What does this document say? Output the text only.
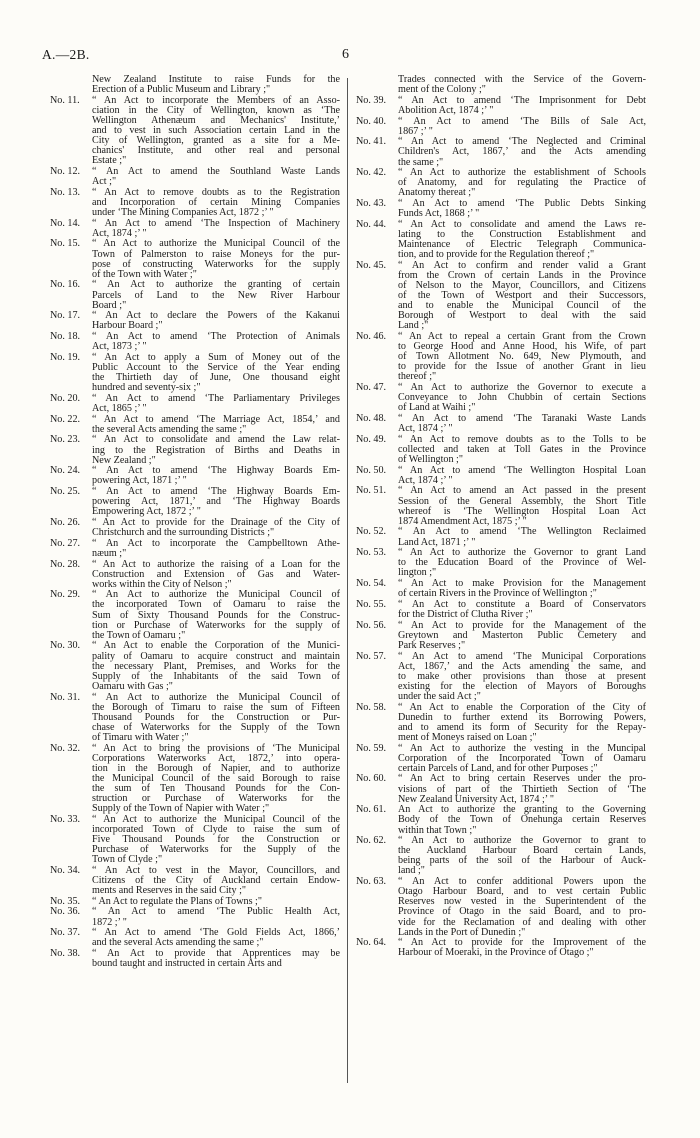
A.—2B.	6
New Zealand Institute to raise Funds for the
Erection of a Public Museum and Library ;"
No. 11.	“ An Act to incorporate the Members of an Asso-
ciation in the City of Wellington, known as ‘The
Wellington Athenæum and Mechanics' Institute,’
and to vest in such Association certain Land in the
City of Wellington, granted as a site for a Me-
chanics' Institute, and other real and personal
Estate ;"
No. 12.	“ An Act to amend the Southland Waste Lands
Act ;"
No. 13.	“ An Act to remove doubts as to the Registration
and Incorporation of certain Mining Companies
under ‘The Mining Companies Act, 1872 ;’ "
No. 14.	“ An Act to amend ‘The Inspection of Machinery
Act, 1874 ;’ "
No. 15.	“ An Act to authorize the Municipal Council of the
Town of Palmerston to raise Moneys for the pur-
pose of constructing Waterworks for the supply
of the Town with Water ;"
No. 16.	“ An Act to authorize the granting of certain
Parcels of Land to the New River Harbour
Board ;"
No. 17.	“ An Act to declare the Powers of the Kakanui
Harbour Board ;"
No. 18.	“ An Act to amend ‘The Protection of Animals
Act, 1873 ;’ "
No. 19.	“ An Act to apply a Sum of Money out of the
Public Account to the Service of the Year ending
the Thirtieth day of June, One thousand eight
hundred and seventy-six ;"
No. 20.	“ An Act to amend ‘The Parliamentary Privileges
Act, 1865 ;’ "
No. 22.	“ An Act to amend ‘The Marriage Act, 1854,’ and
the several Acts amending the same ;"
No. 23.	“ An Act to consolidate and amend the Law relat-
ing to the Registration of Births and Deaths in
New Zealand ;"
No. 24.	“ An Act to amend ‘The Highway Boards Em-
powering Act, 1871 ;’ "
No. 25.	“ An Act to amend ‘The Highway Boards Em-
powering Act, 1871,’ and ‘The Highway Boards
Empowering Act, 1872 ;’ "
No. 26.	“ An Act to provide for the Drainage of the City of
Christchurch and the surrounding Districts ;"
No. 27.	“ An Act to incorporate the Campbelltown Athe-
næum ;"
No. 28.	“ An Act to authorize the raising of a Loan for the
Construction and Extension of Gas and Water-
works within the City of Nelson ;"
No. 29.	“ An Act to authorize the Municipal Council of
the incorporated Town of Oamaru to raise the
Sum of Sixty Thousand Pounds for the Construc-
tion or Purchase of Waterworks for the supply of
the Town of Oamaru ;"
No. 30.	“ An Act to enable the Corporation of the Munici-
pality of Oamaru to acquire construct and maintain
the necessary Plant, Premises, and Works for the
Supply of the Inhabitants of the said Town of
Oamaru with Gas ;"
No. 31.	“ An Act to authorize the Municipal Council of
the Borough of Timaru to raise the sum of Fifteen
Thousand Pounds for the Construction or Pur-
chase of Waterworks for the Supply of the Town
of Timaru with Water ;"
No. 32.	“ An Act to bring the provisions of ‘The Municipal
Corporations Waterworks Act, 1872,’ into opera-
tion in the Borough of Napier, and to authorize
the Municipal Council of the said Borough to raise
the sum of Ten Thousand Pounds for the Con-
struction or Purchase of Waterworks for the
Supply of the Town of Napier with Water ;"
No. 33.	“ An Act to authorize the Municipal Council of the
incorporated Town of Clyde to raise the sum of
Five Thousand Pounds for the Construction or
Purchase of Waterworks for the Supply of the
Town of Clyde ;"
No. 34.	“ An Act to vest in the Mayor, Councillors, and
Citizens of the City of Auckland certain Endow-
ments and Reserves in the said City ;"
No. 35.	“ An Act to regulate the Plans of Towns ;"
No. 36.	“ An Act to amend ‘The Public Health Act,
1872 ;’ "
No. 37.	“ An Act to amend ‘The Gold Fields Act, 1866,’
and the several Acts amending the same ;"
No. 38.	“ An Act to provide that Apprentices may be
bound taught and instructed in certain Arts and
Trades connected with the Service of the Govern-
ment of the Colony ;"
No. 39.	“ An Act to amend ‘The Imprisonment for Debt
Abolition Act, 1874 ;’ "
No. 40.	“ An Act to amend ‘The Bills of Sale Act,
1867 ;’ "
No. 41.	“ An Act to amend ‘The Neglected and Criminal
Children's Act, 1867,’ and the Acts amending
the same ;"
No. 42.	“ An Act to authorize the establishment of Schools
of Anatomy, and for regulating the Practice of
Anatomy thereat ;"
No. 43.	“ An Act to amend ‘The Public Debts Sinking
Funds Act, 1868 ;’ "
No. 44.	“ An Act to consolidate and amend the Laws re-
lating to the Construction Establishment and
Maintenance of Electric Telegraph Communica-
tion, and to provide for the Regulation thereof ;"
No. 45.	“ An Act to confirm and render valid a Grant
from the Crown of certain Lands in the Province
of Nelson to the Mayor, Councillors, and Citizens
of the Town of Westport and their Successors,
and to enable the Municipal Council of the
Borough of Westport to deal with the said
Land ;"
No. 46.	“ An Act to repeal a certain Grant from the Crown
to George Hood and Anne Hood, his Wife, of part
of Town Allotment No. 649, New Plymouth, and
to provide for the Issue of another Grant in lieu
thereof ;"
No. 47.	“ An Act to authorize the Governor to execute a
Conveyance to John Chubbin of certain Sections
of Land at Waihi ;"
No. 48.	“ An Act to amend ‘The Taranaki Waste Lands
Act, 1874 ;’ "
No. 49.	“ An Act to remove doubts as to the Tolls to be
collected and taken at Toll Gates in the Province
of Wellington ;"
No. 50.	“ An Act to amend ‘The Wellington Hospital Loan
Act, 1874 ;’ "
No. 51.	“ An Act to amend an Act passed in the present
Session of the General Assembly, the Short Title
whereof is ‘The Wellington Hospital Loan Act
1874 Amendment Act, 1875 ;’ "
No. 52.	“ An Act to amend ‘The Wellington Reclaimed
Land Act, 1871 ;’ "
No. 53.	“ An Act to authorize the Governor to grant Land
to the Education Board of the Province of Wel-
lington ;"
No. 54.	“ An Act to make Provision for the Management
of certain Rivers in the Province of Wellington ;"
No. 55.	“ An Act to constitute a Board of Conservators
for the District of Clutha River ;"
No. 56.	“ An Act to provide for the Management of the
Greytown and Masterton Public Cemetery and
Park Reserves ;"
No. 57.	“ An Act to amend ‘The Municipal Corporations
Act, 1867,’ and the Acts amending the same, and
to make other provisions than those at present
existing for the election of Mayors of Boroughs
under the said Act ;"
No. 58.	“ An Act to enable the Corporation of the City of
Dunedin to further extend its Borrowing Powers,
and to amend its form of Security for the Repay-
ment of Moneys raised on Loan ;"
No. 59.	“ An Act to authorize the vesting in the Muncipal
Corporation of the Incorporated Town of Oamaru
certain Parcels of Land, and for other Purposes ;"
No. 60.	“ An Act to bring certain Reserves under the pro-
visions of part of the Thirtieth Section of ‘The
New Zealand University Act, 1874 ;’ "
No. 61.	An Act to authorize the granting to the Governing
Body of the Town of Onehunga certain Reserves
within that Town ;"
No. 62.	“ An Act to authorize the Governor to grant to
the Auckland Harbour Board certain Lands,
being parts of the soil of the Harbour of Auck-
land ;"
No. 63.	“ An Act to confer additional Powers upon the
Otago Harbour Board, and to vest certain Public
Reserves now vested in the Superintendent of the
Province of Otago in the said Board, and to pro-
vide for the Reclamation of and dealing with other
Lands in the Port of Dunedin ;"
No. 64.	“ An Act to provide for the Improvement of the
Harbour of Moeraki, in the Province of Otago ;"
